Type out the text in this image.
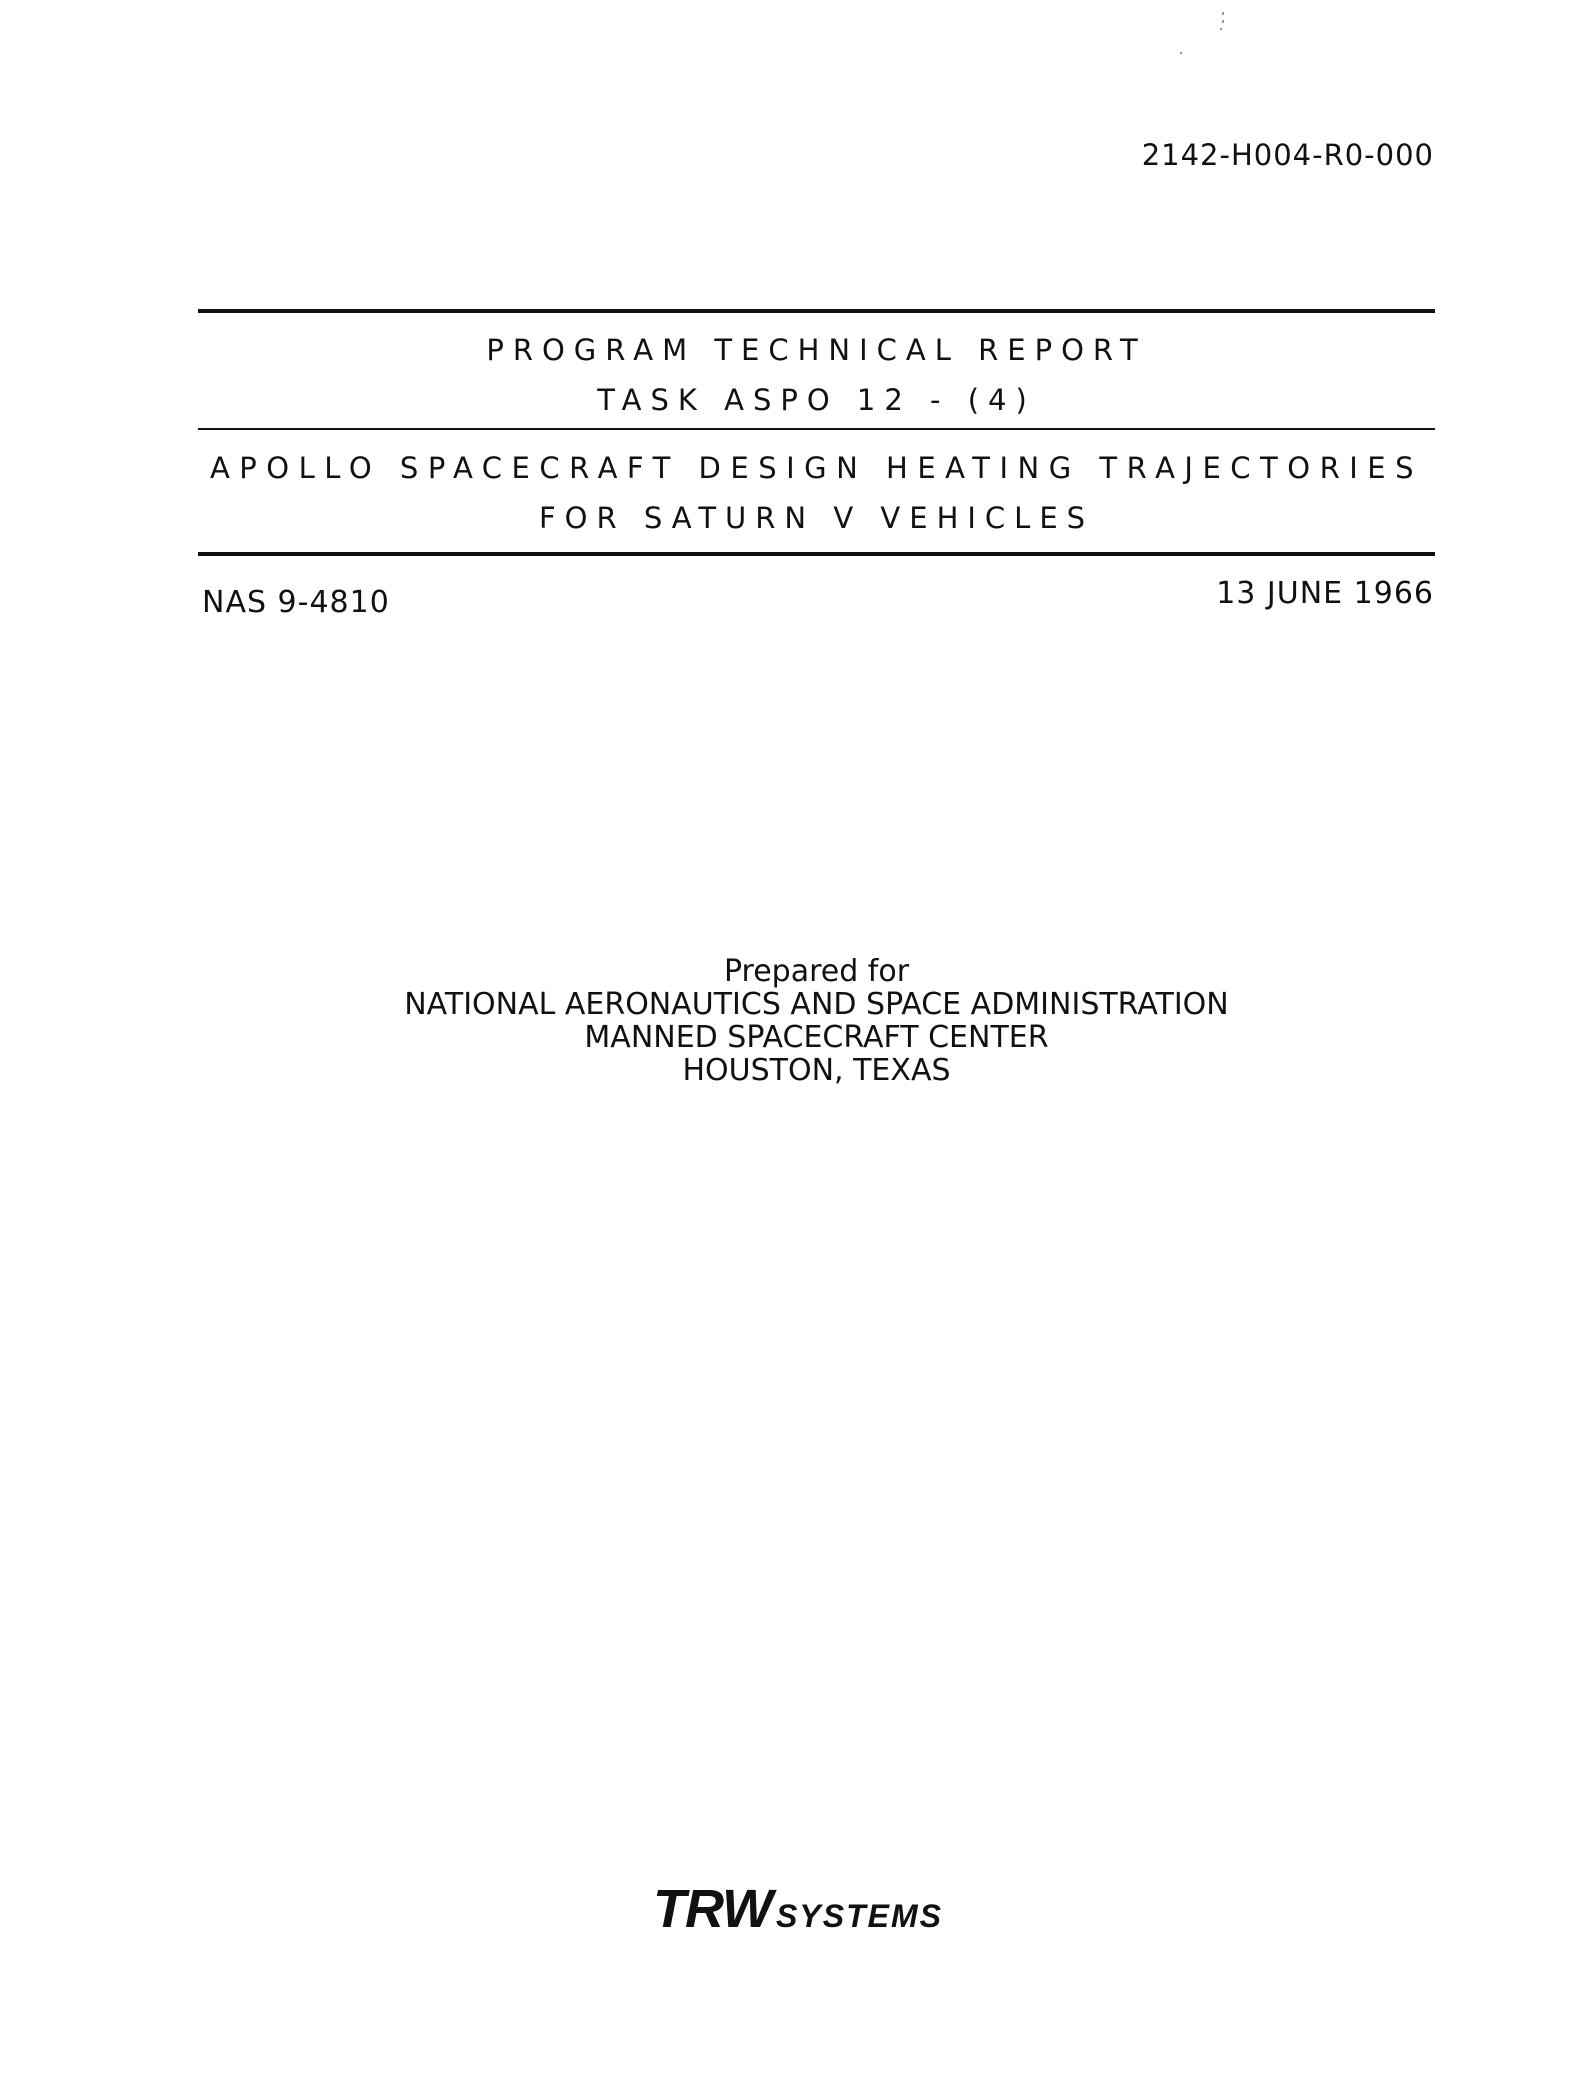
2142-H004-R0-000
PROGRAM TECHNICAL REPORT
TASK ASPO 12 - (4)
APOLLO SPACECRAFT DESIGN HEATING TRAJECTORIES
FOR SATURN V VEHICLES
NAS 9-4810	13 JUNE 1966
Prepared for
NATIONAL AERONAUTICS AND SPACE ADMINISTRATION
MANNED SPACECRAFT CENTER
HOUSTON, TEXAS
TRW SYSTEMS
